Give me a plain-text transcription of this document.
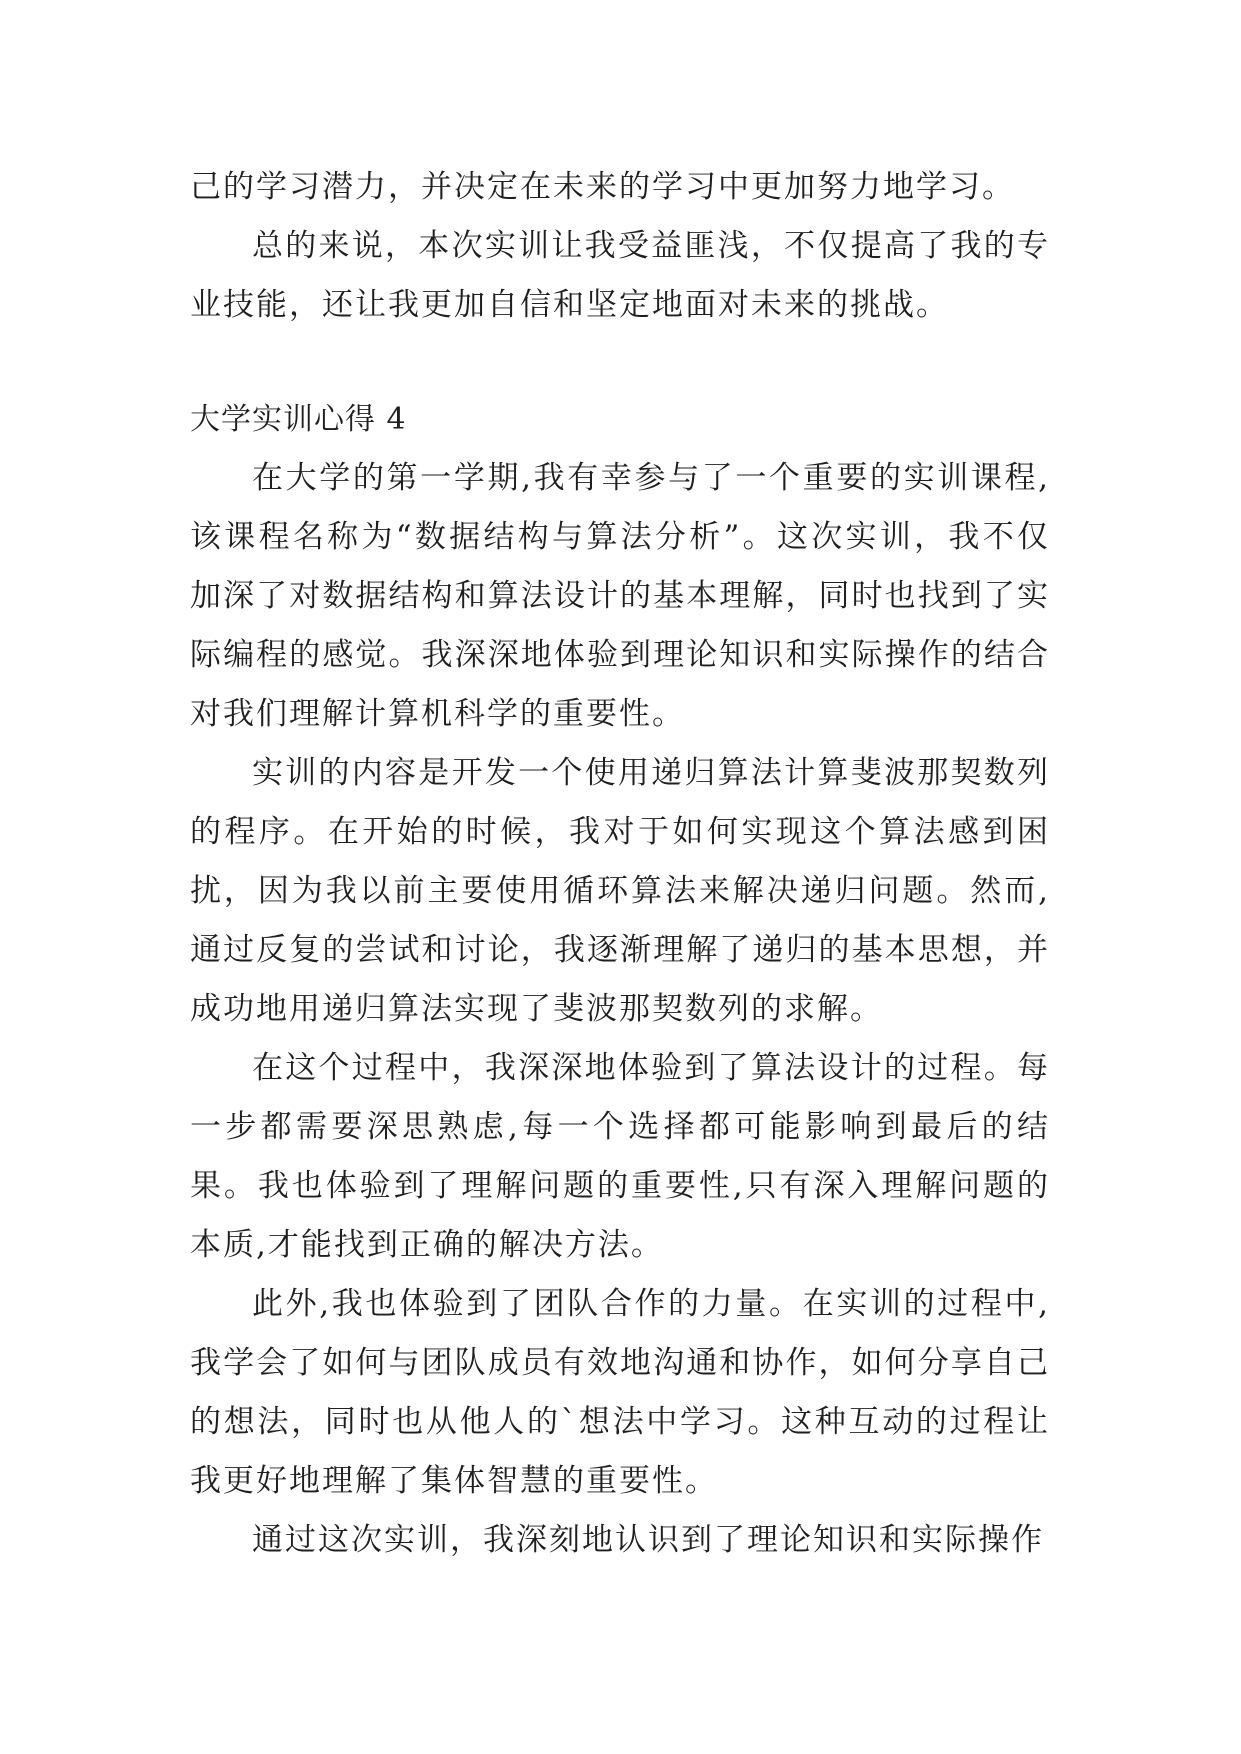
己的学习潜力，并决定在未来的学习中更加努力地学习。

总的来说，本次实训让我受益匪浅，不仅提高了我的专业技能，还让我更加自信和坚定地面对未来的挑战。

大学实训心得 4

在大学的第一学期,我有幸参与了一个重要的实训课程,该课程名称为“数据结构与算法分析”。这次实训，我不仅加深了对数据结构和算法设计的基本理解，同时也找到了实际编程的感觉。我深深地体验到理论知识和实际操作的结合对我们理解计算机科学的重要性。

实训的内容是开发一个使用递归算法计算斐波那契数列的程序。在开始的时候，我对于如何实现这个算法感到困扰，因为我以前主要使用循环算法来解决递归问题。然而,通过反复的尝试和讨论，我逐渐理解了递归的基本思想，并成功地用递归算法实现了斐波那契数列的求解。

在这个过程中，我深深地体验到了算法设计的过程。每一步都需要深思熟虑,每一个选择都可能影响到最后的结果。我也体验到了理解问题的重要性,只有深入理解问题的本质,才能找到正确的解决方法。

此外,我也体验到了团队合作的力量。在实训的过程中,我学会了如何与团队成员有效地沟通和协作，如何分享自己的想法，同时也从他人的`想法中学习。这种互动的过程让我更好地理解了集体智慧的重要性。

通过这次实训，我深刻地认识到了理论知识和实际操作
